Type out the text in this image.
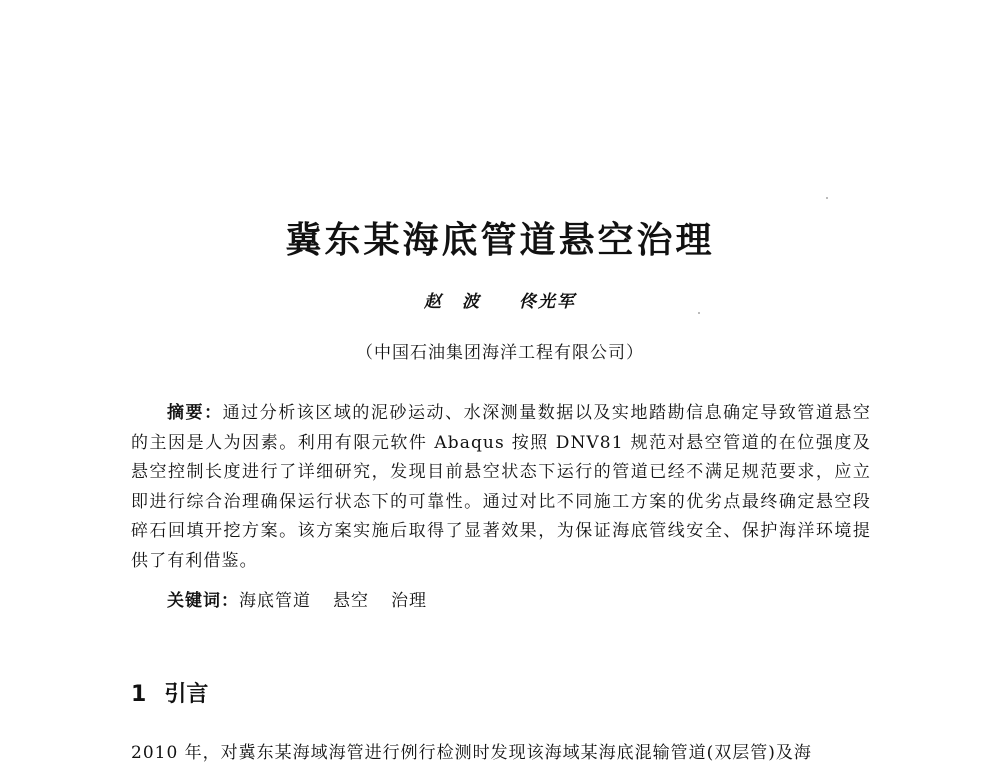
冀东某海底管道悬空治理
赵　波 佟光军
（中国石油集团海洋工程有限公司）
摘要：通过分析该区域的泥砂运动、水深测量数据以及实地踏勘信息确定导致管道悬空的主因是人为因素。利用有限元软件 Abaqus 按照 DNV81 规范对悬空管道的在位强度及悬空控制长度进行了详细研究，发现目前悬空状态下运行的管道已经不满足规范要求，应立即进行综合治理确保运行状态下的可靠性。通过对比不同施工方案的优劣点最终确定悬空段碎石回填开挖方案。该方案实施后取得了显著效果，为保证海底管线安全、保护海洋环境提供了有利借鉴。
关键词：海底管道 悬空 治理
1 引言
2010 年，对冀东某海域海管进行例行检测时发现该海域某海底混输管道(双层管)及海
